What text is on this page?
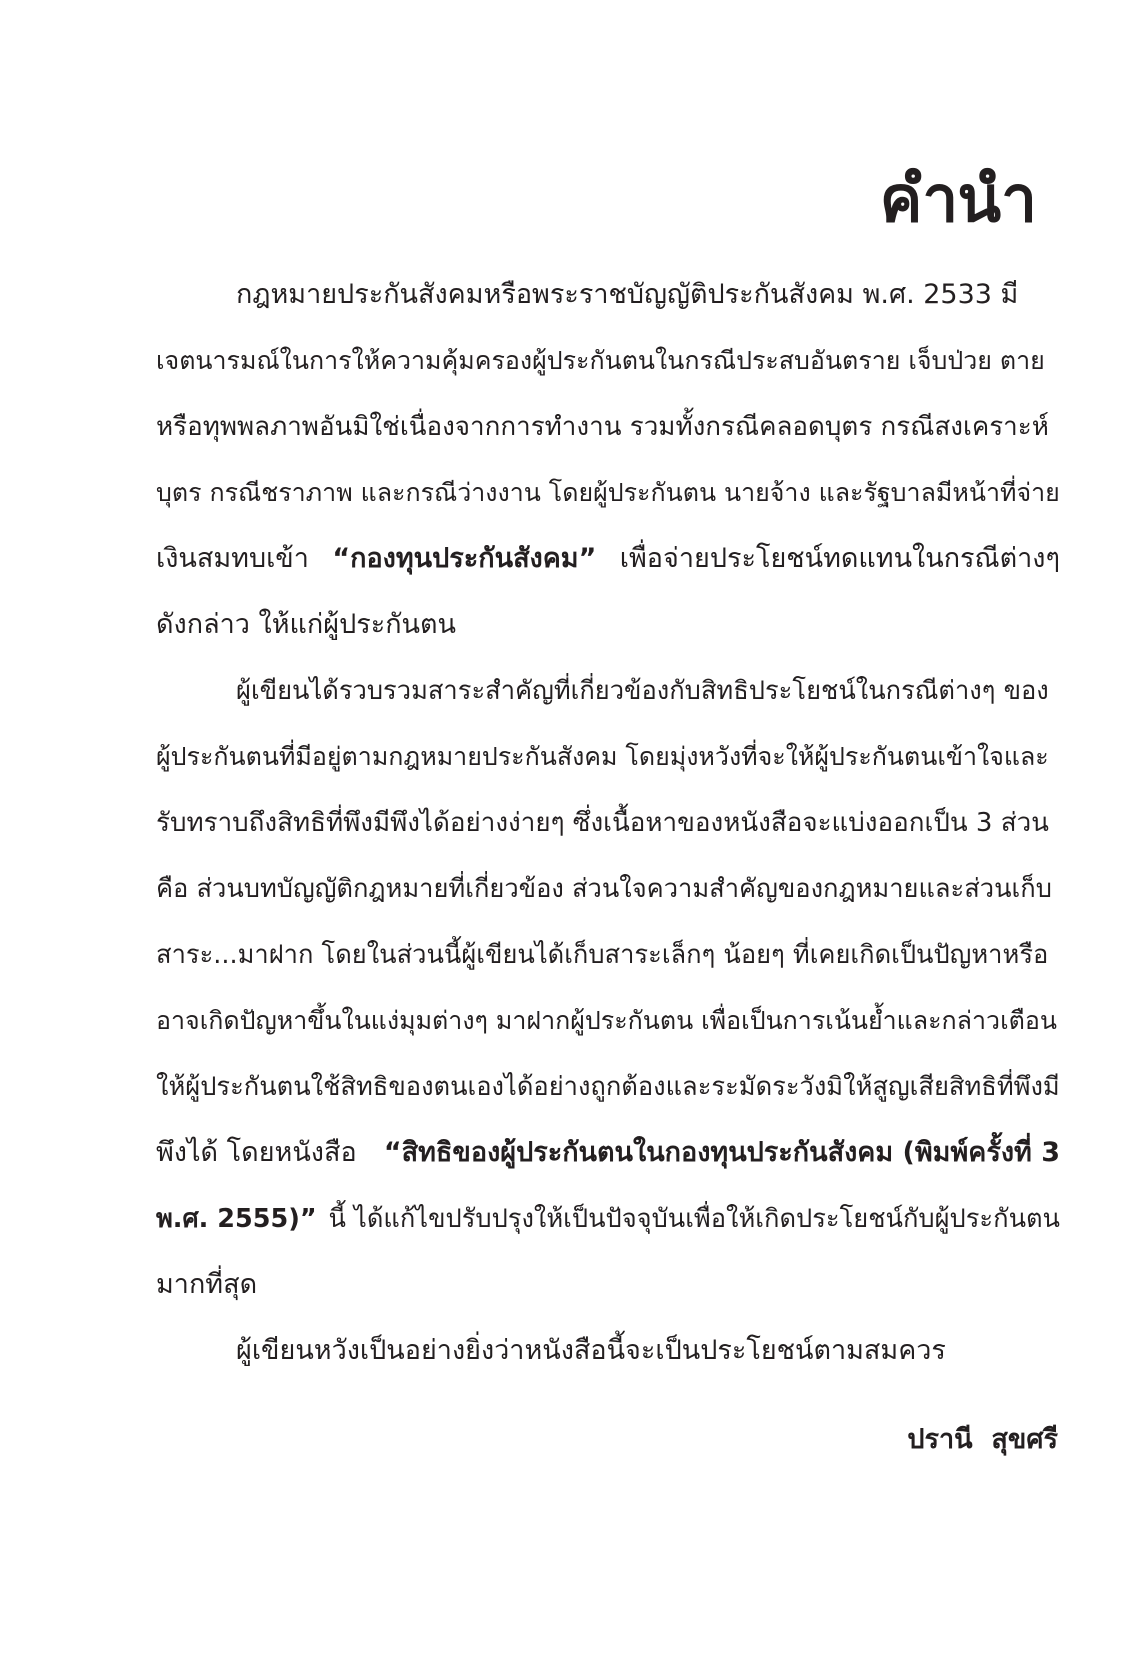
คำนำ
กฎหมายประกันสังคมหรือพระราชบัญญัติประกันสังคม พ.ศ. 2533 มี
เจตนารมณ์ในการให้ความคุ้มครองผู้ประกันตนในกรณีประสบอันตราย เจ็บป่วย ตาย
หรือทุพพลภาพอันมิใช่เนื่องจากการทำงาน รวมทั้งกรณีคลอดบุตร กรณีสงเคราะห์
บุตร กรณีชราภาพ และกรณีว่างงาน โดยผู้ประกันตน นายจ้าง และรัฐบาลมีหน้าที่จ่าย
เงินสมทบเข้า “กองทุนประกันสังคม” เพื่อจ่ายประโยชน์ทดแทนในกรณีต่างๆ
ดังกล่าว ให้แก่ผู้ประกันตน
ผู้เขียนได้รวบรวมสาระสำคัญที่เกี่ยวข้องกับสิทธิประโยชน์ในกรณีต่างๆ ของ
ผู้ประกันตนที่มีอยู่ตามกฎหมายประกันสังคม โดยมุ่งหวังที่จะให้ผู้ประกันตนเข้าใจและ
รับทราบถึงสิทธิที่พึงมีพึงได้อย่างง่ายๆ ซึ่งเนื้อหาของหนังสือจะแบ่งออกเป็น 3 ส่วน
คือ ส่วนบทบัญญัติกฎหมายที่เกี่ยวข้อง ส่วนใจความสำคัญของกฎหมายและส่วนเก็บ
สาระ...มาฝาก โดยในส่วนนี้ผู้เขียนได้เก็บสาระเล็กๆ น้อยๆ ที่เคยเกิดเป็นปัญหาหรือ
อาจเกิดปัญหาขึ้นในแง่มุมต่างๆ มาฝากผู้ประกันตน เพื่อเป็นการเน้นย้ำและกล่าวเตือน
ให้ผู้ประกันตนใช้สิทธิของตนเองได้อย่างถูกต้องและระมัดระวังมิให้สูญเสียสิทธิที่พึงมี
พึงได้ โดยหนังสือ “สิทธิของผู้ประกันตนในกองทุนประกันสังคม (พิมพ์ครั้งที่ 3
พ.ศ. 2555)” นี้ ได้แก้ไขปรับปรุงให้เป็นปัจจุบันเพื่อให้เกิดประโยชน์กับผู้ประกันตน
มากที่สุด
ผู้เขียนหวังเป็นอย่างยิ่งว่าหนังสือนี้จะเป็นประโยชน์ตามสมควร
ปรานี  สุขศรี
